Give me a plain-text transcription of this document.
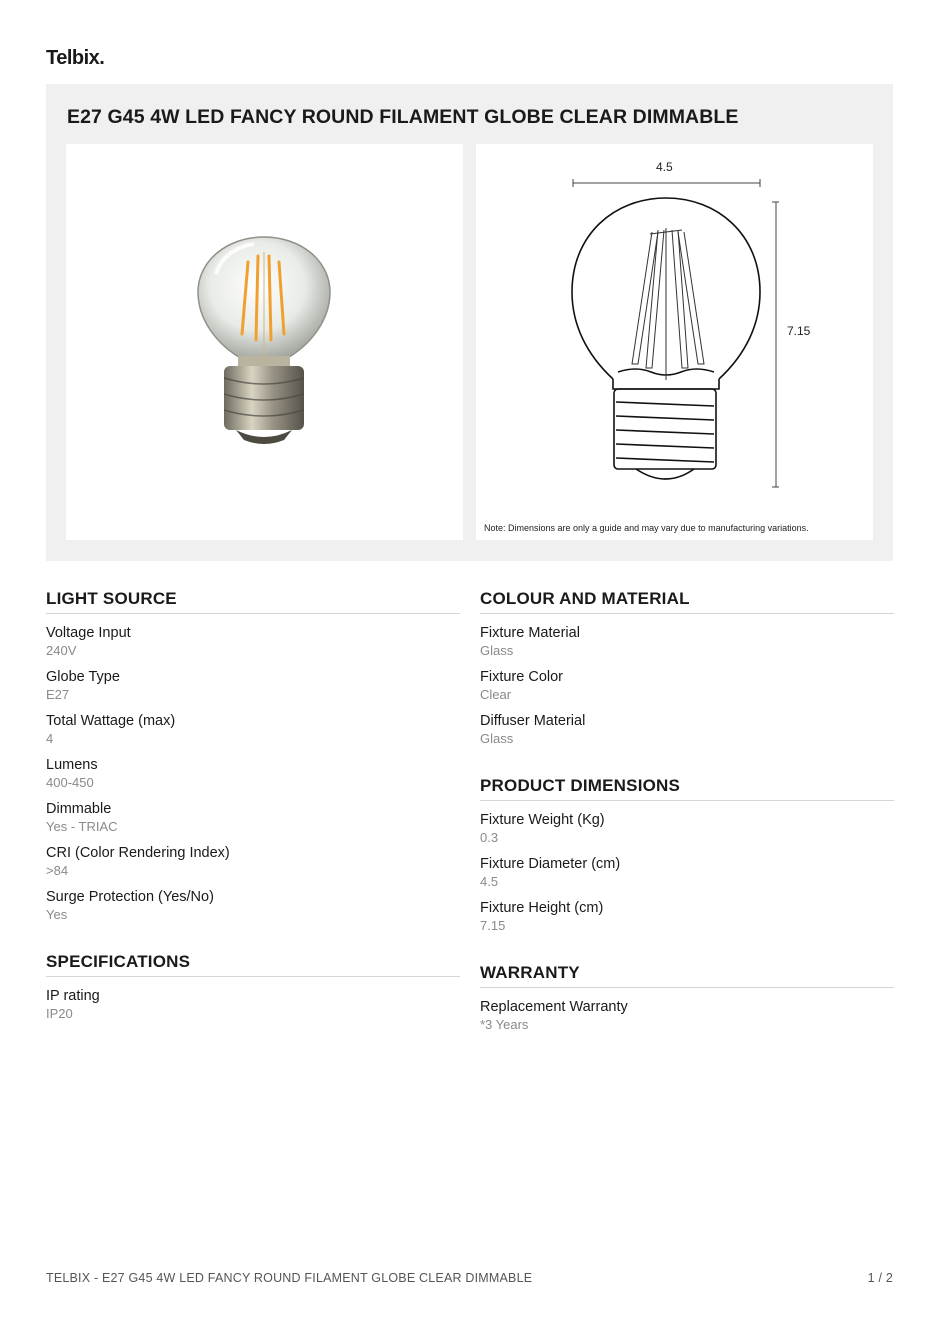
Telbix.
E27 G45 4W LED FANCY ROUND FILAMENT GLOBE CLEAR DIMMABLE
4.5
7.15
Note: Dimensions are only a guide and may vary due to manufacturing variations.
LIGHT SOURCE
Voltage Input
240V
Globe Type
E27
Total Wattage (max)
4
Lumens
400-450
Dimmable
Yes - TRIAC
CRI (Color Rendering Index)
>84
Surge Protection (Yes/No)
Yes
SPECIFICATIONS
IP rating
IP20
COLOUR AND MATERIAL
Fixture Material
Glass
Fixture Color
Clear
Diffuser Material
Glass
PRODUCT DIMENSIONS
Fixture Weight (Kg)
0.3
Fixture Diameter (cm)
4.5
Fixture Height (cm)
7.15
WARRANTY
Replacement Warranty
*3 Years
TELBIX - E27 G45 4W LED FANCY ROUND FILAMENT GLOBE CLEAR DIMMABLE	1 / 2
